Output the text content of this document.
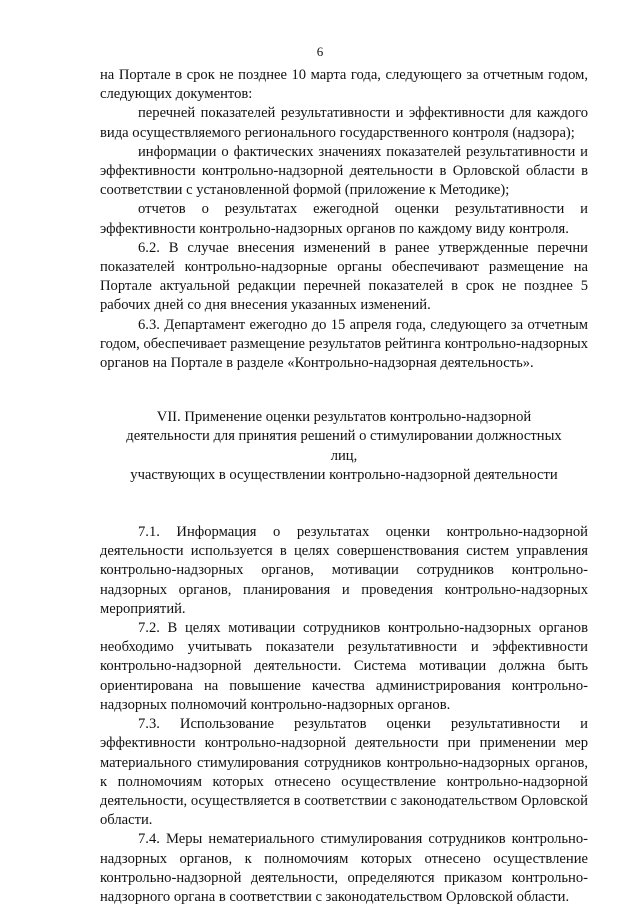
6

на Портале в срок не позднее 10 марта года, следующего за отчетным годом, следующих документов:

перечней показателей результативности и эффективности для каждого вида осуществляемого регионального государственного контроля (надзора);

информации о фактических значениях показателей результативности и эффективности контрольно-надзорной деятельности в Орловской области в соответствии с установленной формой (приложение к Методике);

отчетов о результатах ежегодной оценки результативности и эффективности контрольно-надзорных органов по каждому виду контроля.

6.2. В случае внесения изменений в ранее утвержденные перечни показателей контрольно-надзорные органы обеспечивают размещение на Портале актуальной редакции перечней показателей в срок не позднее 5 рабочих дней со дня внесения указанных изменений.

6.3. Департамент ежегодно до 15 апреля года, следующего за отчетным годом, обеспечивает размещение результатов рейтинга контрольно-надзорных органов на Портале в разделе «Контрольно-надзорная деятельность».

VII. Применение оценки результатов контрольно-надзорной
деятельности для принятия решений о стимулировании должностных лиц,
участвующих в осуществлении контрольно-надзорной деятельности

7.1. Информация о результатах оценки контрольно-надзорной деятельности используется в целях совершенствования систем управления контрольно-надзорных органов, мотивации сотрудников контрольно-надзорных органов, планирования и проведения контрольно-надзорных мероприятий.

7.2. В целях мотивации сотрудников контрольно-надзорных органов необходимо учитывать показатели результативности и эффективности контрольно-надзорной деятельности. Система мотивации должна быть ориентирована на повышение качества администрирования контрольно-надзорных полномочий контрольно-надзорных органов.

7.3. Использование результатов оценки результативности и эффективности контрольно-надзорной деятельности при применении мер материального стимулирования сотрудников контрольно-надзорных органов, к полномочиям которых отнесено осуществление контрольно-надзорной деятельности, осуществляется в соответствии с законодательством Орловской области.

7.4. Меры нематериального стимулирования сотрудников контрольно-надзорных органов, к полномочиям которых отнесено осуществление контрольно-надзорной деятельности, определяются приказом контрольно-надзорного органа в соответствии с законодательством Орловской области.
